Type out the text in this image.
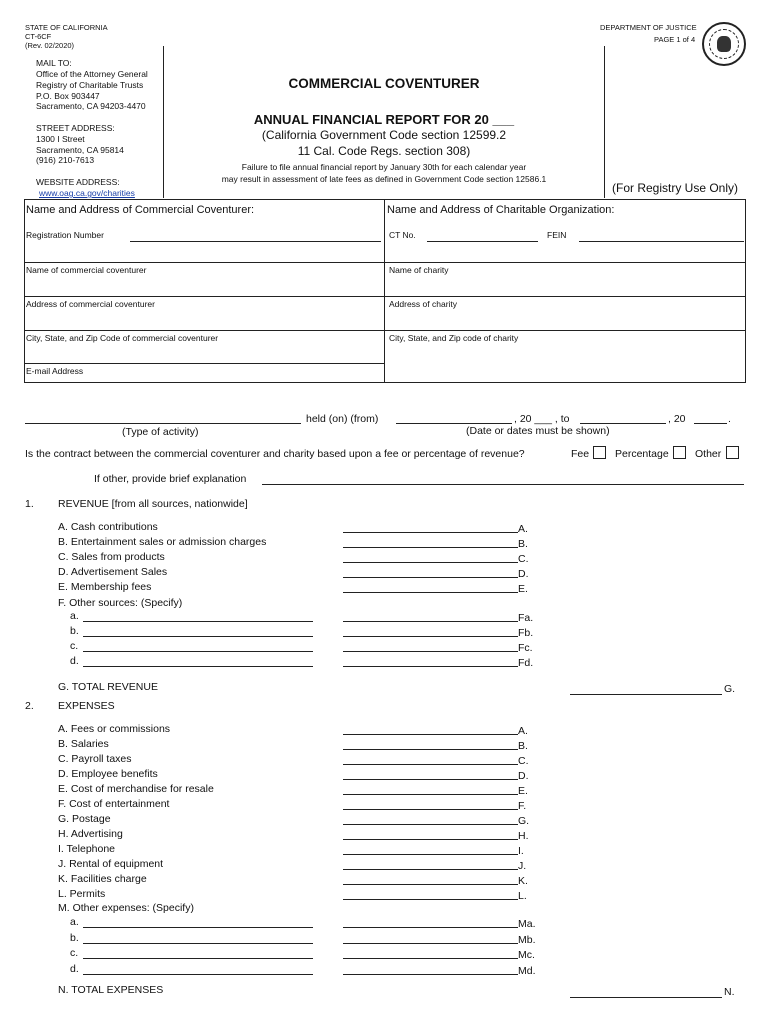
STATE OF CALIFORNIA
CT-6CF
(Rev. 02/2020)
DEPARTMENT OF JUSTICE
PAGE 1 of 4
MAIL TO:
Office of the Attorney General
Registry of Charitable Trusts
P.O. Box 903447
Sacramento, CA 94203-4470
STREET ADDRESS:
1300 I Street
Sacramento, CA 95814
(916) 210-7613
WEBSITE ADDRESS:
www.oag.ca.gov/charities
COMMERCIAL COVENTURER
ANNUAL FINANCIAL REPORT FOR 20 ___
(California Government Code section 12599.2
11 Cal. Code Regs. section 308)
Failure to file annual financial report by January 30th for each calendar year
may result in assessment of late fees as defined in Government Code section 12586.1
(For Registry Use Only)
Name and Address of Commercial Coventurer:	Name and Address of Charitable Organization:
Registration Number	CT No.	FEIN
Name of commercial coventurer	Name of charity
Address of commercial coventurer	Address of charity
City, State, and Zip Code of commercial coventurer	City, State, and Zip code of charity
E-mail Address
held (on) (from)	, 20 ___ , to	, 20	.
(Type of activity)	(Date or dates must be shown)
Is the contract between the commercial coventurer and charity based upon a fee or percentage of revenue?	Fee Percentage	Other
If other, provide brief explanation
1. REVENUE [from all sources, nationwide]
A. Cash contributions	A.
B. Entertainment sales or admission charges	B.
C. Sales from products	C.
D. Advertisement Sales	D.
E. Membership fees	E.
F. Other sources: (Specify)
a.	Fa.
b.	Fb.
c.	Fc.
d.	Fd.
G. TOTAL REVENUE	G.
2. EXPENSES
A. Fees or commissions	A.
B. Salaries	B.
C. Payroll taxes	C.
D. Employee benefits	D.
E. Cost of merchandise for resale	E.
F. Cost of entertainment	F.
G. Postage	G.
H. Advertising	H.
I. Telephone	I.
J. Rental of equipment	J.
K. Facilities charge	K.
L. Permits	L.
M. Other expenses: (Specify)
a.	Ma.
b.	Mb.
c.	Mc.
d.	Md.
N. TOTAL EXPENSES	N.
